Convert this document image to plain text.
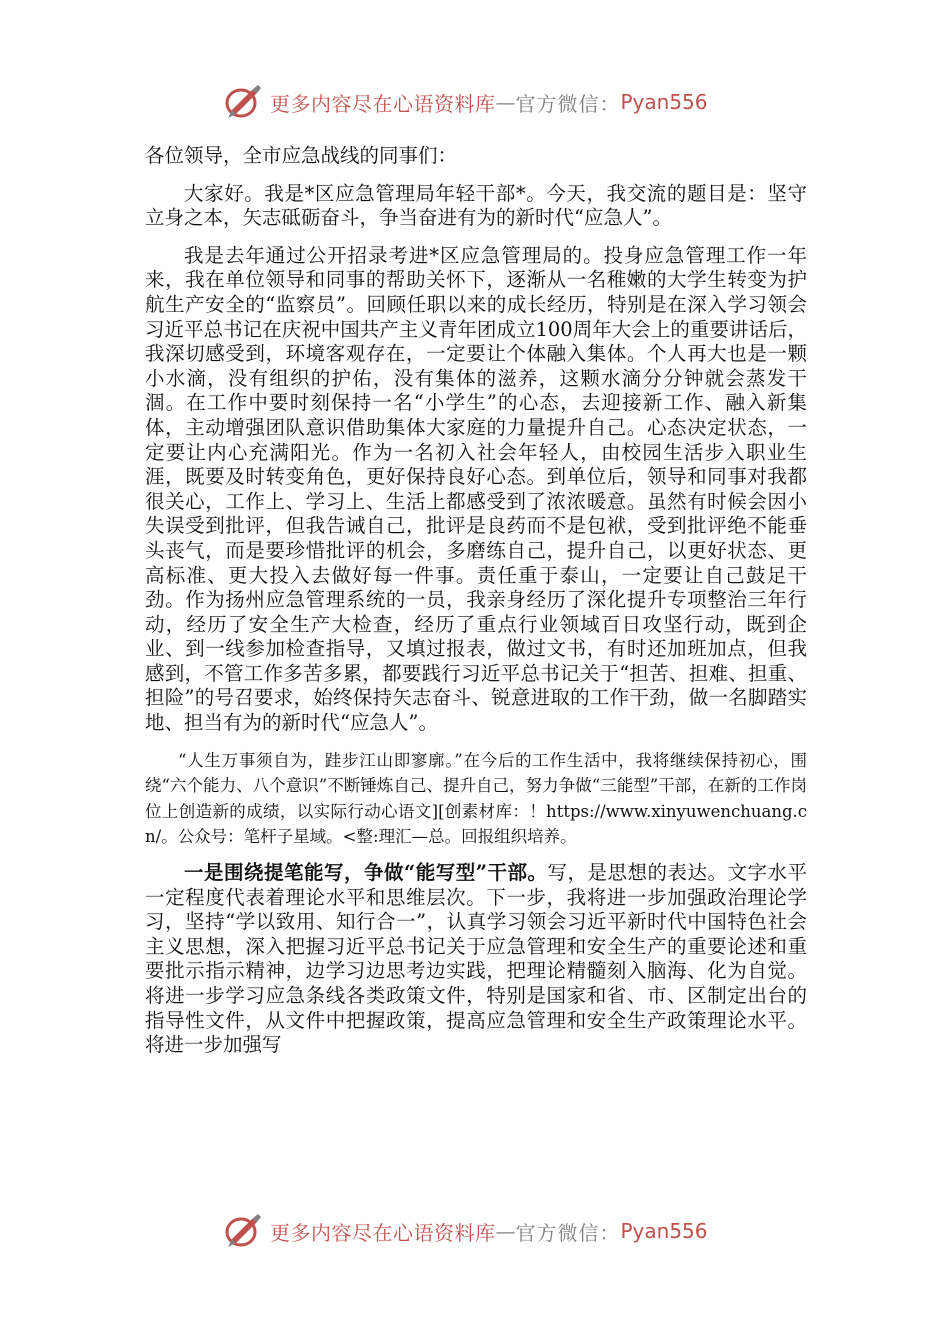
更多内容尽在心语资料库 — 官方微信： Pyan556

各位领导，全市应急战线的同事们：

大家好。我是*区应急管理局年轻干部*。今天，我交流的题目是：坚守立身之本，矢志砥砺奋斗，争当奋进有为的新时代“应急人”。

我是去年通过公开招录考进*区应急管理局的。投身应急管理工作一年来，我在单位领导和同事的帮助关怀下，逐渐从一名稚嫩的大学生转变为护航生产安全的“监察员”。回顾任职以来的成长经历，特别是在深入学习领会习近平总书记在庆祝中国共产主义青年团成立100周年大会上的重要讲话后，我深切感受到，环境客观存在，一定要让个体融入集体。个人再大也是一颗小水滴，没有组织的护佑，没有集体的滋养，这颗水滴分分钟就会蒸发干涸。在工作中要时刻保持一名“小学生”的心态，去迎接新工作、融入新集体，主动增强团队意识借助集体大家庭的力量提升自己。心态决定状态，一定要让内心充满阳光。作为一名初入社会年轻人，由校园生活步入职业生涯，既要及时转变角色，更好保持良好心态。到单位后，领导和同事对我都很关心，工作上、学习上、生活上都感受到了浓浓暖意。虽然有时候会因小失误受到批评，但我告诫自己，批评是良药而不是包袱，受到批评绝不能垂头丧气，而是要珍惜批评的机会，多磨练自己，提升自己，以更好状态、更高标准、更大投入去做好每一件事。责任重于泰山，一定要让自己鼓足干劲。作为扬州应急管理系统的一员，我亲身经历了深化提升专项整治三年行动，经历了安全生产大检查，经历了重点行业领域百日攻坚行动，既到企业、到一线参加检查指导，又填过报表，做过文书，有时还加班加点，但我感到，不管工作多苦多累，都要践行习近平总书记关于“担苦、担难、担重、担险”的号召要求，始终保持矢志奋斗、锐意进取的工作干劲，做一名脚踏实地、担当有为的新时代“应急人”。

“人生万事须自为，跬步江山即寥廓。”在今后的工作生活中，我将继续保持初心，围绕“六个能力、八个意识”不断锤炼自己、提升自己，努力争做“三能型”干部，在新的工作岗位上创造新的成绩，以实际行动心语文][创素材库：！https://www.xinyuwenchuang.cn/。公众号：笔杆子星域。<整:理汇—总。回报组织培养。

一是围绕提笔能写，争做“能写型”干部。写，是思想的表达。文字水平一定程度代表着理论水平和思维层次。下一步，我将进一步加强政治理论学习，坚持“学以致用、知行合一”，认真学习领会习近平新时代中国特色社会主义思想，深入把握习近平总书记关于应急管理和安全生产的重要论述和重要批示指示精神，边学习边思考边实践，把理论精髓刻入脑海、化为自觉。将进一步学习应急条线各类政策文件，特别是国家和省、市、区制定出台的指导性文件，从文件中把握政策，提高应急管理和安全生产政策理论水平。将进一步加强写

更多内容尽在心语资料库 — 官方微信： Pyan556
